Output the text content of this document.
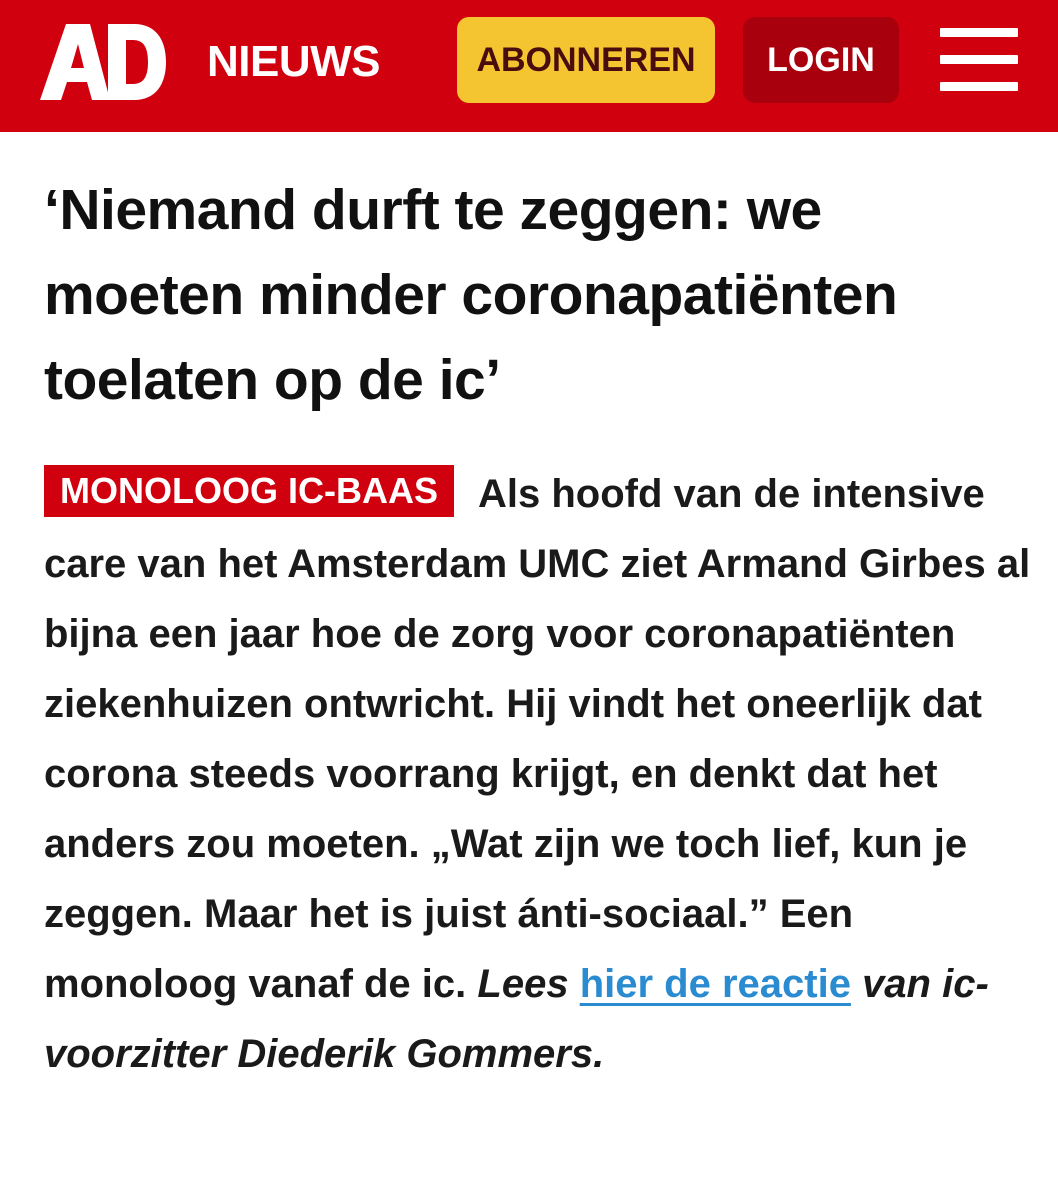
NIEUWS	ABONNEREN	LOGIN
‘Niemand durft te zeggen: we moeten minder coronapatiënten toelaten op de ic’

MONOLOOG IC-BAAS Als hoofd van de intensive care van het Amsterdam UMC ziet Armand Girbes al bijna een jaar hoe de zorg voor coronapatiënten ziekenhuizen ontwricht. Hij vindt het oneerlijk dat corona steeds voorrang krijgt, en denkt dat het anders zou moeten. „Wat zijn we toch lief, kun je zeggen. Maar het is juist ánti-sociaal.” Een monoloog vanaf de ic. Lees hier de reactie van ic-voorzitter Diederik Gommers.
